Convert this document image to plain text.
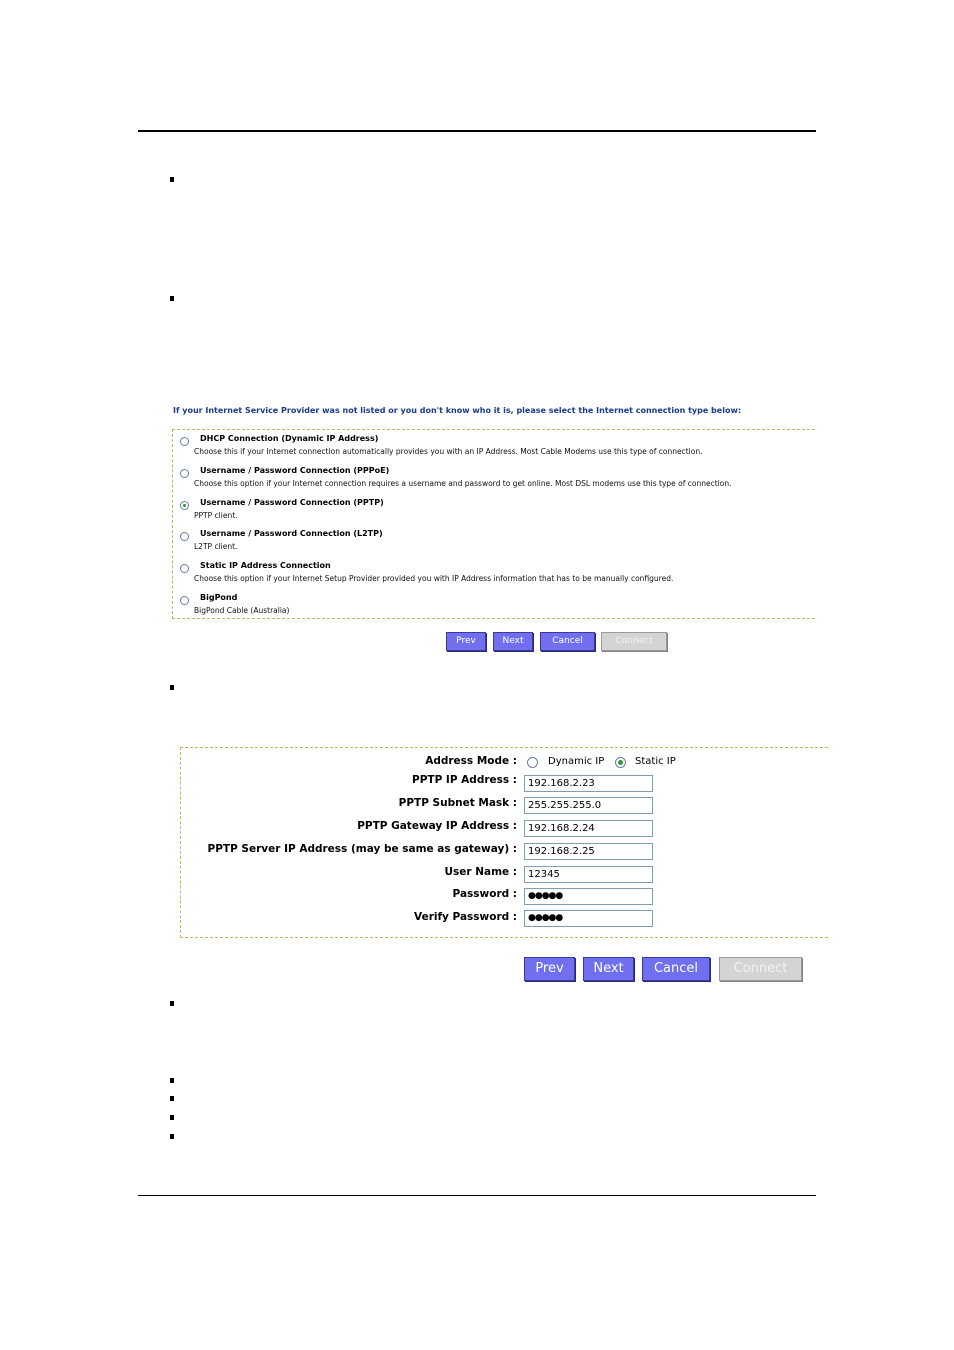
If your Internet Service Provider was not listed or you don't know who it is, please select the Internet connection type below:
DHCP Connection (Dynamic IP Address)
Choose this if your Internet connection automatically provides you with an IP Address. Most Cable Modems use this type of connection.
Username / Password Connection (PPPoE)
Choose this option if your Internet connection requires a username and password to get online. Most DSL modems use this type of connection.
Username / Password Connection (PPTP)
PPTP client.
Username / Password Connection (L2TP)
L2TP client.
Static IP Address Connection
Choose this option if your Internet Setup Provider provided you with IP Address information that has to be manually configured.
BigPond
BigPond Cable (Australia)
Prev	Next	Cancel	Connect
Address Mode :	Dynamic IP	Static IP
PPTP IP Address :	192.168.2.23
PPTP Subnet Mask :	255.255.255.0
PPTP Gateway IP Address :	192.168.2.24
PPTP Server IP Address (may be same as gateway) :	192.168.2.25
User Name :	12345
Password :	●●●●●
Verify Password :	●●●●●
Prev	Next	Cancel	Connect
